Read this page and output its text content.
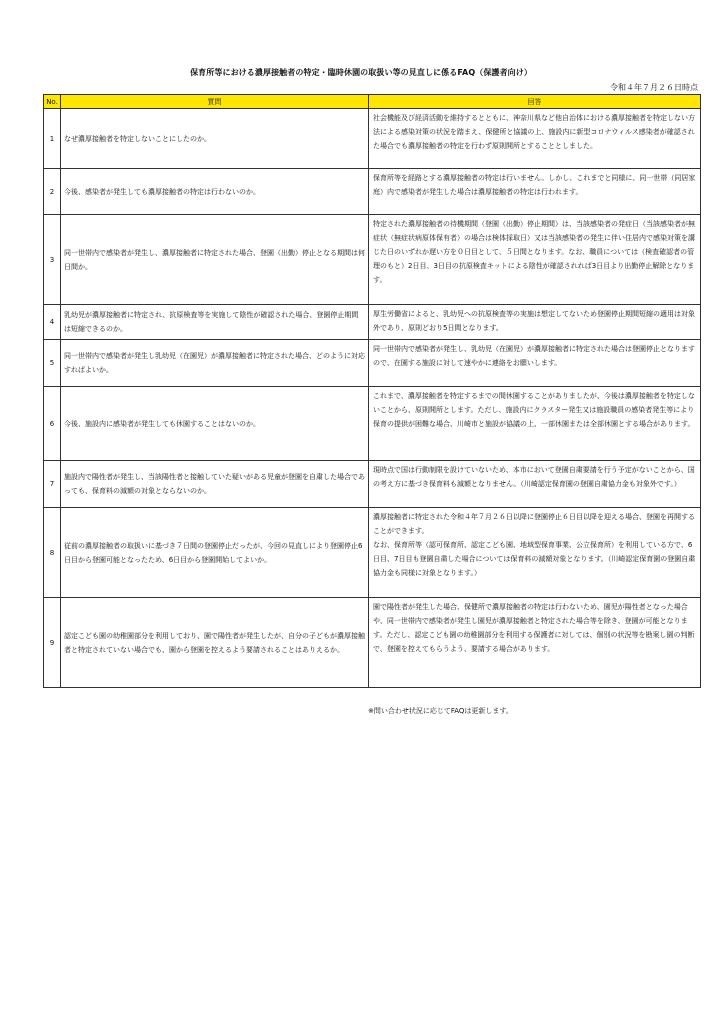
保育所等における濃厚接触者の特定・臨時休園の取扱い等の見直しに係るFAQ（保護者向け）
令和４年７月２６日時点
No.	質問	回答
1	なぜ濃厚接触者を特定しないことにしたのか。	社会機能及び経済活動を維持するとともに、神奈川県など他自治体における濃厚接触者を特定しない方法による感染対策の状況を踏まえ、保健所と協議の上、施設内に新型コロナウィルス感染者が確認された場合でも濃厚接触者の特定を行わず原則開所とすることとしました。
2	今後、感染者が発生しても濃厚接触者の特定は行わないのか。	保育所等を経路とする濃厚接触者の特定は行いません。しかし、これまでと同様に、同一世帯（同居家庭）内で感染者が発生した場合は濃厚接触者の特定は行われます。
3	同一世帯内で感染者が発生し、濃厚接触者に特定された場合、登園（出勤）停止となる期間は何日間か。	特定された濃厚接触者の待機期間（登園（出勤）停止期間）は、当該感染者の発症日（当該感染者が無症状（無症状病原体保有者）の場合は検体採取日）又は当該感染者の発生に伴い住居内で感染対策を講じた日のいずれか遅い方を０日目として、５日間となります。なお、職員については（検査確認者の管理のもと）2日目、3日目の抗原検査キットによる陰性が確認されれば3日目より出勤停止解除となります。
4	乳幼児が濃厚接触者に特定され、抗原検査等を実施して陰性が確認された場合、登園停止期間は短縮できるのか。	厚生労働省によると、乳幼児への抗原検査等の実施は想定してないため登園停止期間短縮の適用は対象外であり、原則どおり5日間となります。
5	同一世帯内で感染者が発生し乳幼児（在園児）が濃厚接触者に特定された場合、どのように対応すればよいか。	同一世帯内で感染者が発生し、乳幼児（在園児）が濃厚接触者に特定された場合は登園停止となりますので、在園する施設に対して速やかに連絡をお願いします。
6	今後、施設内に感染者が発生しても休園することはないのか。	これまで、濃厚接触者を特定するまでの間休園することがありましたが、今後は濃厚接触者を特定しないことから、原則開所とします。ただし、施設内にクラスター発生又は施設職員の感染者発生等により保育の提供が困難な場合、川崎市と施設が協議の上、一部休園または全部休園とする場合があります。
7	施設内で陽性者が発生し、当該陽性者と接触していた疑いがある児童が登園を自粛した場合であっても、保育料の減額の対象とならないのか。	現時点で国は行動制限を設けていないため、本市において登園自粛要請を行う予定がないことから、国の考え方に基づき保育料も減額となりません。（川崎認定保育園の登園自粛協力金も対象外です。）
8	従前の濃厚接触者の取扱いに基づき７日間の登園停止だったが、今回の見直しにより登園停止6日目から登園可能となったため、6日目から登園開始してよいか。	濃厚接触者に特定された令和４年７月２６日以降に登園停止６日目以降を迎える場合、登園を再開することができます。
なお、保育所等（認可保育所、認定こども園、地域型保育事業、公立保育所）を利用している方で、6日目、7日目も登園自粛した場合については保育料の減額対象となります。（川崎認定保育園の登園自粛協力金も同様に対象となります。）
9	認定こども園の幼稚園部分を利用しており、園で陽性者が発生したが、自分の子どもが濃厚接触者と特定されていない場合でも、園から登園を控えるよう要請されることはありえるか。	園で陽性者が発生した場合、保健所で濃厚接触者の特定は行わないため、園児が陽性者となった場合や、同一世帯内で感染者が発生し園児が濃厚接触者と特定された場合等を除き、登園が可能となります。ただし、認定こども園の幼稚園部分を利用する保護者に対しては、個別の状況等を勘案し園の判断で、登園を控えてもらうよう、要請する場合があります。
※問い合わせ状況に応じてFAQは更新します。
